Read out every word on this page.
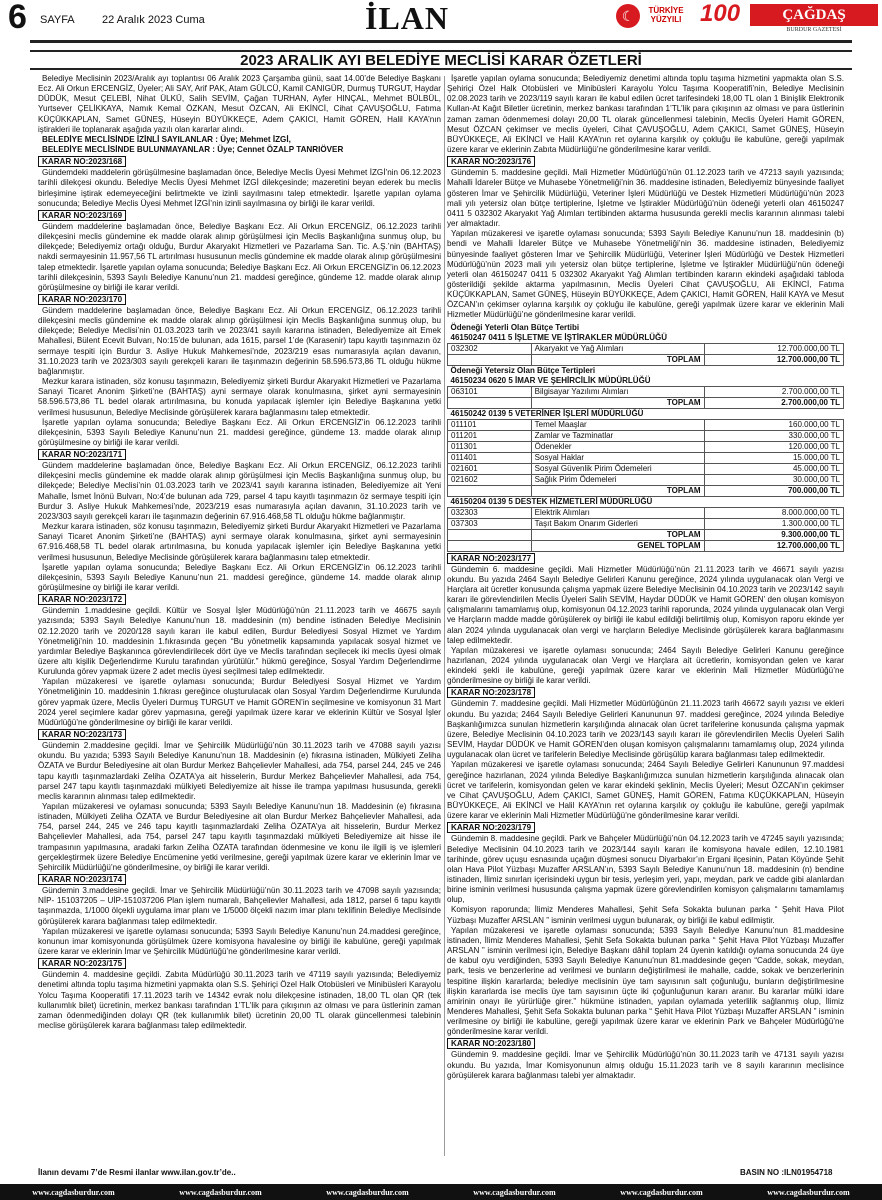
6 SAYFA 22 Aralık 2023 Cuma	İLAN	☾	TÜRKİYE YÜZYILI 100	ÇAĞDAŞ
BURDUR GAZETESİ
2023 ARALIK AYI BELEDİYE MECLİSİ KARAR ÖZETLERİ

Belediye Meclisinin 2023/Aralık ayı toplantısı 06 Aralık 2023 Çarşamba günü, saat 14.00’de Belediye Başkanı Ecz. Ali Orkun ERCENGİZ, Üyeler; Ali SAY, Arif PAK, Atam GÜLCÜ, Kamil CANIGÜR, Durmuş TURGUT, Haydar DÜDÜK, Mesut ÇELEBİ, Nihat ÜLKÜ, Salih SEVİM, Çağan TURHAN, Ayfer HINÇAL, Mehmet BÜLBÜL, Yurtsever ÇELİKKAYA, Namık Kemal ÖZKAN, Mesut ÖZCAN, Ali EKİNCİ, Cihat ÇAVUŞOĞLU, Fatıma KÜÇÜKKAPLAN, Samet GÜNEŞ, Hüseyin BÜYÜKKEÇE, Adem ÇAKICI, Hamit GÖREN, Halil KAYA’nın iştirakleri ile toplanarak aşağıda yazılı olan kararlar alındı.

BELEDİYE MECLİSİNDE İZİNLİ SAYILANLAR : Üye; Mehmet İZGİ,

BELEDİYE MECLİSİNDE BULUNMAYANLAR : Üye; Cennet ÖZALP TANRIÖVER

KARAR NO:2023/168

Gündemdeki maddelerin görüşülmesine başlamadan önce, Belediye Meclis Üyesi Mehmet İZGİ’nin 06.12.2023 tarihli dilekçesi okundu. Belediye Meclis Üyesi Mehmet İZGİ dilekçesinde; mazeretini beyan ederek bu meclis birleşimine iştirak edemeyeceğini belirtmekte ve izinli sayılmasını talep etmektedir. İşaretle yapılan oylama sonucunda; Belediye Meclis Üyesi Mehmet İZGİ’nin izinli sayılmasına oy birliği ile karar verildi.

KARAR NO:2023/169

Gündem maddelerine başlamadan önce, Belediye Başkanı Ecz. Ali Orkun ERCENGİZ, 06.12.2023 tarihli dilekçesini meclis gündemine ek madde olarak alınıp görüşülmesi için Meclis Başkanlığına sunmuş olup, bu dilekçede; Belediyemiz ortağı olduğu, Burdur Akaryakıt Hizmetleri ve Pazarlama San. Tic. A.Ş.’nin (BAHTAŞ) nakdi sermayesinin 11.957,56 TL artırılması hususunun meclis gündemine ek madde olarak alınıp görüşülmesini talep etmektedir. İşaretle yapılan oylama sonucunda; Belediye Başkanı Ecz. Ali Orkun ERCENGİZ’in 06.12.2023 tarihli dilekçesinin, 5393 Sayılı Belediye Kanunu’nun 21. maddesi gereğince, gündeme 12. madde olarak alınıp görüşülmesine oy birliği ile karar verildi.

KARAR NO:2023/170

Gündem maddelerine başlamadan önce, Belediye Başkanı Ecz. Ali Orkun ERCENGİZ, 06.12.2023 tarihli dilekçesini meclis gündemine ek madde olarak alınıp görüşülmesi için Meclis Başkanlığına sunmuş olup, bu dilekçede; Belediye Meclisi’nin 01.03.2023 tarih ve 2023/41 sayılı kararına istinaden, Belediyemize ait Emek Mahallesi, Bülent Ecevit Bulvarı, No:15’de bulunan, ada 1615, parsel 1’de (Karasenir) tapu kayıtlı taşınmazın öz sermaye tespiti için Burdur 3. Asliye Hukuk Mahkemesi’nde, 2023/219 esas numarasıyla açılan davanın, 31.10.2023 tarih ve 2023/303 sayılı gerekçeli kararı ile taşınmazın değerinin 58.596.573,86 TL olduğu hükme bağlanmıştır.

Mezkur karara istinaden, söz konusu taşınmazın, Belediyemiz şirketi Burdur Akaryakıt Hizmetleri ve Pazarlama Sanayi Ticaret Anonim Şirketi’ne (BAHTAŞ) ayni sermaye olarak konulmasına, şirket ayni sermayesinin 58.596.573,86 TL bedel olarak artırılmasına, bu konuda yapılacak işlemler için Belediye Başkanına yetki verilmesi hususunun, Belediye Meclisinde görüşülerek karara bağlanmasını talep etmektedir.

İşaretle yapılan oylama sonucunda; Belediye Başkanı Ecz. Ali Orkun ERCENGİZ’in 06.12.2023 tarihli dilekçesinin, 5393 Sayılı Belediye Kanunu’nun 21. maddesi gereğince, gündeme 13. madde olarak alınıp görüşülmesine oy birliği ile karar verildi.

KARAR NO:2023/171

Gündem maddelerine başlamadan önce, Belediye Başkanı Ecz. Ali Orkun ERCENGİZ, 06.12.2023 tarihli dilekçesini meclis gündemine ek madde olarak alınıp görüşülmesi için Meclis Başkanlığına sunmuş olup, bu dilekçede; Belediye Meclisi’nin 01.03.2023 tarih ve 2023/41 sayılı kararına istinaden, Belediyemize ait Yeni Mahalle, İsmet İnönü Bulvarı, No:4’de bulunan ada 729, parsel 4 tapu kayıtlı taşınmazın öz sermaye tespiti için Burdur 3. Asliye Hukuk Mahkemesi’nde, 2023/219 esas numarasıyla açılan davanın, 31.10.2023 tarih ve 2023/303 sayılı gerekçeli kararı ile taşınmazın değerinin 67.916.468,58 TL olduğu hükme bağlanmıştır.

Mezkur karara istinaden, söz konusu taşınmazın, Belediyemiz şirketi Burdur Akaryakıt Hizmetleri ve Pazarlama Sanayi Ticaret Anonim Şirketi’ne (BAHTAŞ) ayni sermaye olarak konulmasına, şirket ayni sermayesinin 67.916.468,58 TL bedel olarak artırılmasına, bu konuda yapılacak işlemler için Belediye Başkanına yetki verilmesi hususunun, Belediye Meclisinde görüşülerek karara bağlanmasını talep etmektedir.

İşaretle yapılan oylama sonucunda; Belediye Başkanı Ecz. Ali Orkun ERCENGİZ’in 06.12.2023 tarihli dilekçesinin, 5393 Sayılı Belediye Kanunu’nun 21. maddesi gereğince, gündeme 14. madde olarak alınıp görüşülmesine oy birliği ile karar verildi.

KARAR NO:2023/172

Gündemin 1.maddesine geçildi. Kültür ve Sosyal İşler Müdürlüğü’nün 21.11.2023 tarih ve 46675 sayılı yazısında; 5393 Sayılı Belediye Kanunu’nun 18. maddesinin (m) bendine istinaden Belediye Meclisinin 02.12.2020 tarih ve 2020/128 sayılı kararı ile kabul edilen, Burdur Belediyesi Sosyal Hizmet ve Yardım Yönetmeliği’nin 10. maddesinin 1.fıkrasında geçen “Bu yönetmelik kapsamında yapılacak sosyal hizmet ve yardımlar Belediye Başkanınca görevlendirilecek dört üye ve Meclis tarafından seçilecek iki meclis üyesi olmak üzere altı kişilik Değerlendirme Kurulu tarafından yürütülür.” hükmü gereğince, Sosyal Yardım Değerlendirme Kurulunda görev yapmak üzere 2 adet meclis üyesi seçilmesi talep edilmektedir.

Yapılan müzakeresi ve işaretle oylaması sonucunda; Burdur Belediyesi Sosyal Hizmet ve Yardım Yönetmeliğinin 10. maddesinin 1.fıkrası gereğince oluşturulacak olan Sosyal Yardım Değerlendirme Kurulunda görev yapmak üzere, Meclis Üyeleri Durmuş TURGUT ve Hamit GÖREN’in seçilmesine ve komisyonun 31 Mart 2024 yerel seçimlere kadar görev yapmasına, gereği yapılmak üzere karar ve eklerinin Kültür ve Sosyal İşler Müdürlüğü’ne gönderilmesine oy birliği ile karar verildi.

KARAR NO:2023/173

Gündemin 2.maddesine geçildi. İmar ve Şehircilik Müdürlüğü’nün 30.11.2023 tarih ve 47088 sayılı yazısı okundu. Bu yazıda; 5393 Sayılı Belediye Kanunu’nun 18. Maddesinin (e) fıkrasına istinaden, Mülkiyeti Zeliha ÖZATA ve Burdur Belediyesine ait olan Burdur Merkez Bahçelievler Mahallesi, ada 754, parsel 244, 245 ve 246 tapu kayıtlı taşınmazlardaki Zeliha ÖZATA’ya ait hisselerin, Burdur Merkez Bahçelievler Mahallesi, ada 754, parsel 247 tapu kayıtlı taşınmazdaki mülkiyeti Belediyemize ait hisse ile trampa yapılması hususunda, gerekli meclis kararının alınması talep edilmektedir.

Yapılan müzakeresi ve oylaması sonucunda; 5393 Sayılı Belediye Kanunu’nun 18. Maddesinin (e) fıkrasına istinaden, Mülkiyeti Zeliha ÖZATA ve Burdur Belediyesine ait olan Burdur Merkez Bahçelievler Mahallesi, ada 754, parsel 244, 245 ve 246 tapu kayıtlı taşınmazlardaki Zeliha ÖZATA’ya ait hisselerin, Burdur Merkez Bahçelievler Mahallesi, ada 754, parsel 247 tapu kayıtlı taşınmazdaki mülkiyeti Belediyemize ait hisse ile trampasının yapılmasına, aradaki farkın Zeliha ÖZATA tarafından ödenmesine ve konu ile ilgili iş ve işlemleri gerçekleştirmek üzere Belediye Encümenine yetki verilmesine, gereği yapılmak üzere karar ve eklerinin İmar ve Şehircilik Müdürlüğü’ne gönderilmesine, oy birliği ile karar verildi.

KARAR NO:2023/174

Gündemin 3.maddesine geçildi. İmar ve Şehircilik Müdürlüğü’nün 30.11.2023 tarih ve 47098 sayılı yazısında; NİP- 151037205 – UİP-151037206 Plan işlem numaralı, Bahçelievler Mahallesi, ada 1812, parsel 6 tapu kayıtlı taşınmazda, 1/1000 ölçekli uygulama imar planı ve 1/5000 ölçekli nazım imar planı teklifinin Belediye Meclisinde görüşülerek karara bağlanması talep edilmektedir.

Yapılan müzakeresi ve işaretle oylaması sonucunda; 5393 Sayılı Belediye Kanunu’nun 24.maddesi gereğince, konunun imar komisyonunda görüşülmek üzere komisyona havalesine oy birliği ile kabulüne, gereği yapılmak üzere karar ve eklerinin İmar ve Şehircilik Müdürlüğü’ne gönderilmesine karar verildi.

KARAR NO:2023/175

Gündemin 4. maddesine geçildi. Zabıta Müdürlüğü 30.11.2023 tarih ve 47119 sayılı yazısında; Belediyemiz denetimi altında toplu taşıma hizmetini yapmakta olan S.S. Şehiriçi Özel Halk Otobüsleri ve Minibüsleri Karayolu Yolcu Taşıma Kooperatifi 17.11.2023 tarih ve 14342 evrak nolu dilekçesine istinaden, 18,00 TL olan QR (tek kullanımlık bilet) ücretinin, merkez bankası tarafından 1’TL’lik para çıkışının az olması ve para üstlerinin zaman zaman ödenmediğinden dolayı QR (tek kullanımlık bilet) ücretinin 20,00 TL olarak güncellenmesi talebinin meclise görüşülerek karara bağlanması talep edilmektedir.

İşaretle yapılan oylama sonucunda; Belediyemiz denetimi altında toplu taşıma hizmetini yapmakta olan S.S. Şehiriçi Özel Halk Otobüsleri ve Minibüsleri Karayolu Yolcu Taşıma Kooperatifi’nin, Belediye Meclisinin 02.08.2023 tarih ve 2023/119 sayılı kararı ile kabul edilen ücret tarifesindeki 18,00 TL olan 1 Binişlik Elektronik Kullan-At Kağıt Biletler ücretinin, merkez bankası tarafından 1’TL’lik para çıkışının az olması ve para üstlerinin zaman zaman ödenmemesi dolayı 20,00 TL olarak güncellenmesi talebinin, Meclis Üyeleri Hamit GÖREN, Mesut ÖZCAN çekimser ve meclis üyeleri, Cihat ÇAVUŞOĞLU, Adem ÇAKICI, Samet GÜNEŞ, Hüseyin BÜYÜKKEÇE, Ali EKİNCİ ve Halil KAYA’nın ret oylarına karşılık oy çokluğu ile kabulüne, gereği yapılmak üzere karar ve eklerinin Zabıta Müdürlüğü’ne gönderilmesine karar verildi.

KARAR NO:2023/176

Gündemin 5. maddesine geçildi. Mali Hizmetler Müdürlüğü’nün 01.12.2023 tarih ve 47213 sayılı yazısında; Mahalli İdareler Bütçe ve Muhasebe Yönetmeliği’nin 36. maddesine istinaden, Belediyemiz bünyesinde faaliyet gösteren İmar ve Şehircilik Müdürlüğü, Veteriner İşleri Müdürlüğü ve Destek Hizmetleri Müdürlüğü’nün 2023 mali yılı yetersiz olan bütçe tertiplerine, İşletme ve İştirakler Müdürlüğü’nün ödeneği yeterli olan 46150247 0411 5 032302 Akaryakıt Yağ Alımları tertibinden aktarma hususunda gerekli meclis kararının alınması talebi yer almaktadır.

Yapılan müzakeresi ve işaretle oylaması sonucunda; 5393 Sayılı Belediye Kanunu’nun 18. maddesinin (b) bendi ve Mahalli İdareler Bütçe ve Muhasebe Yönetmeliği’nin 36. maddesine istinaden, Belediyemiz bünyesinde faaliyet gösteren İmar ve Şehircilik Müdürlüğü, Veteriner İşleri Müdürlüğü ve Destek Hizmetleri Müdürlüğü’nün 2023 mali yılı yetersiz olan bütçe tertiplerine, İşletme ve İştirakler Müdürlüğü’nün ödeneği yeterli olan 46150247 0411 5 032302 Akaryakıt Yağ Alımları tertibinden kararın ekindeki aşağıdaki tabloda gösterildiği şekilde aktarma yapılmasının, Meclis Üyeleri Cihat ÇAVUŞOĞLU, Ali EKİNCİ, Fatıma KÜÇÜKKAPLAN, Samet GÜNEŞ, Hüseyin BÜYÜKKEÇE, Adem ÇAKICI, Hamit GÖREN, Halil KAYA ve Mesut ÖZCAN’ın çekimser oylarına karşılık oy çokluğu ile kabulüne, gereği yapılmak üzere karar ve eklerinin Mali Hizmetler Müdürlüğü’ne gönderilmesine karar verildi.

Ödeneği Yeterli Olan Bütçe Tertibi		
46150247 0411 5 İŞLETME VE İŞTİRAKLER MÜDÜRLÜĞÜ		
032302	Akaryakıt ve Yağ Alımları	12.700.000,00 TL
	TOPLAM	12.700.000,00 TL
Ödeneği Yetersiz Olan Bütçe Tertipleri		
46150234 0620 5 İMAR VE ŞEHİRCİLİK MÜDÜRLÜĞÜ		
063101	Bilgisayar Yazılımı Alımları	2.700.000,00 TL
	TOPLAM	2.700.000,00 TL
46150242 0139 5 VETERİNER İŞLERİ MÜDÜRLÜĞÜ		
011101	Temel Maaşlar	160.000,00 TL
011201	Zamlar ve Tazminatlar	330.000,00 TL
011301	Ödenekler	120.000,00 TL
011401	Sosyal Haklar	15.000,00 TL
021601	Sosyal Güvenlik Pirim Ödemeleri	45.000,00 TL
021602	Sağlık Pirim Ödemeleri	30.000,00 TL
	TOPLAM	700.000,00 TL
46150204 0139 5 DESTEK HİZMETLERİ MÜDÜRLÜĞÜ		
032303	Elektrik Alımları	8.000.000,00 TL
037303	Taşıt Bakım Onarım Giderleri	1.300.000,00 TL
	TOPLAM	9.300.000,00 TL
	GENEL TOPLAM	12.700.000,00 TL
KARAR NO:2023/177

Gündemin 6. maddesine geçildi. Mali Hizmetler Müdürlüğü’nün 21.11.2023 tarih ve 46671 sayılı yazısı okundu. Bu yazıda 2464 Sayılı Belediye Gelirleri Kanunu gereğince, 2024 yılında uygulanacak olan Vergi ve Harçlara ait ücretler konusunda çalışma yapmak üzere Belediye Meclisinin 04.10.2023 tarih ve 2023/142 sayılı kararı ile görevlendirilen Meclis Üyeleri Salih SEVİM, Haydar DÜDÜK ve Hamit GÖREN’ den oluşan komisyon çalışmalarını tamamlamış olup, komisyonun 04.12.2023 tarihli raporunda, 2024 yılında uygulanacak olan Vergi ve Harçların madde madde görüşülerek oy birliği ile kabul edildiği belirtilmiş olup, Komisyon raporu ekinde yer alan 2024 yılında uygulanacak olan vergi ve harçların Belediye Meclisinde görüşülerek karara bağlanmasını talep edilmektedir.

Yapılan müzakeresi ve işaretle oylaması sonucunda; 2464 Sayılı Belediye Gelirleri Kanunu gereğince hazırlanan, 2024 yılında uygulanacak olan Vergi ve Harçlara ait ücretlerin, komisyondan gelen ve karar ekindeki şekli ile kabulüne, gereği yapılmak üzere karar ve eklerinin Mali Hizmetler Müdürlüğü’ne gönderilmesine oy birliği ile karar verildi.

KARAR NO:2023/178

Gündemin 7. maddesine geçildi. Mali Hizmetler Müdürlüğünün 21.11.2023 tarih 46672 sayılı yazısı ve ekleri okundu. Bu yazıda; 2464 Sayılı Belediye Gelirleri Kanununun 97. maddesi gereğince, 2024 yılında Belediye Başkanlığımızca sunulan hizmetlerin karşılığında alınacak olan ücret tarifelerine konusunda çalışma yapmak üzere, Belediye Meclisinin 04.10.2023 tarih ve 2023/143 sayılı kararı ile görevlendirilen Meclis Üyeleri Salih SEVİM, Haydar DÜDÜK ve Hamit GÖREN’den oluşan komisyon çalışmalarını tamamlamış olup, 2024 yılında uygulanacak olan ücret ve tarifelerin Belediye Meclisinde görüşülüp karara bağlanması talep edilmektedir.

Yapılan müzakeresi ve işaretle oylaması sonucunda; 2464 Sayılı Belediye Gelirleri Kanununun 97.maddesi gereğince hazırlanan, 2024 yılında Belediye Başkanlığımızca sunulan hizmetlerin karşılığında alınacak olan ücret ve tarifelerin, komisyondan gelen ve karar ekindeki şeklinin, Meclis Üyeleri; Mesut ÖZCAN’ın çekimser ve Cihat ÇAVUŞOĞLU, Adem ÇAKICI, Samet GÜNEŞ, Hamit GÖREN, Fatıma KÜÇÜKKAPLAN, Hüseyin BÜYÜKKEÇE, Ali EKİNCİ ve Halil KAYA’nın ret oylarına karşılık oy çokluğu ile kabulüne, gereği yapılmak üzere karar ve eklerinin Mali Hizmetler Müdürlüğü’ne gönderilmesine karar verildi.

KARAR NO:2023/179

Gündemin 8. maddesine geçildi. Park ve Bahçeler Müdürlüğü’nün 04.12.2023 tarih ve 47245 sayılı yazısında; Belediye Meclisinin 04.10.2023 tarih ve 2023/144 sayılı kararı ile komisyona havale edilen, 12.10.1981 tarihinde, görev uçuşu esnasında uçağın düşmesi sonucu Diyarbakır’ın Ergani ilçesinin, Patan Köyünde Şehit olan Hava Pilot Yüzbaşı Muzaffer ARSLAN’ın, 5393 Sayılı Belediye Kanunu’nun 18. maddesinin (n) bendine istinaden, İlimiz sınırları içerisindeki uygun bir tesis, yerleşim yeri, yapı, meydan, park ve cadde gibi alanlardan birine isminin verilmesi hususunda çalışma yapmak üzere görevlendirilen komisyon çalışmalarını tamamlamış olup,

Komisyon raporunda; İlimiz Menderes Mahallesi, Şehit Sefa Sokakta bulunan parka “ Şehit Hava Pilot Yüzbaşı Muzaffer ARSLAN ” isminin verilmesi uygun bulunarak, oy birliği ile kabul edilmiştir.

Yapılan müzakeresi ve işaretle oylaması sonucunda; 5393 Sayılı Belediye Kanunu’nun 81.maddesine istinaden, İlimiz Menderes Mahallesi, Şehit Sefa Sokakta bulunan parka “ Şehit Hava Pilot Yüzbaşı Muzaffer ARSLAN ” isminin verilmesi için, Belediye Başkanı dâhil toplam 24 üyenin katıldığı oylama sonucunda 24 üye de kabul oyu verdiğinden, 5393 Sayılı Belediye Kanunu’nun 81.maddesinde geçen “Cadde, sokak, meydan, park, tesis ve benzerlerine ad verilmesi ve bunların değiştirilmesi ile mahalle, cadde, sokak ve benzerlerinin tespitine ilişkin kararlarda; belediye meclisinin üye tam sayısının salt çoğunluğu, bunların değiştirilmesine ilişkin kararlarda ise meclis üye tam sayısının üçte iki çoğunluğunun kararı aranır. Bu kararlar mülki idare amirinin onayı ile yürürlüğe girer.” hükmüne istinaden, yapılan oylamada yeterlilik sağlanmış olup, İlimiz Menderes Mahallesi, Şehit Sefa Sokakta bulunan parka “ Şehit Hava Pilot Yüzbaşı Muzaffer ARSLAN ” isminin verilmesine oy birliği ile kabulüne, gereği yapılmak üzere karar ve eklerinin Park ve Bahçeler Müdürlüğü’ne gönderilmesine karar verildi.

KARAR NO:2023/180

Gündemin 9. maddesine geçildi. İmar ve Şehircilik Müdürlüğü’nün 30.11.2023 tarih ve 47131 sayılı yazısı okundu. Bu yazıda, İmar Komisyonunun almış olduğu 15.11.2023 tarih ve 8 sayılı kararının meclisince görüşülerek karara bağlanması talebi yer almaktadır.

İlanın devamı 7’de Resmi ilanlar www.ilan.gov.tr’de..	BASIN NO :ILN01954718
www.cagdasburdur.com	www.cagdasburdur.com	www.cagdasburdur.com	www.cagdasburdur.com	www.cagdasburdur.com	www.cagdasburdur.com
